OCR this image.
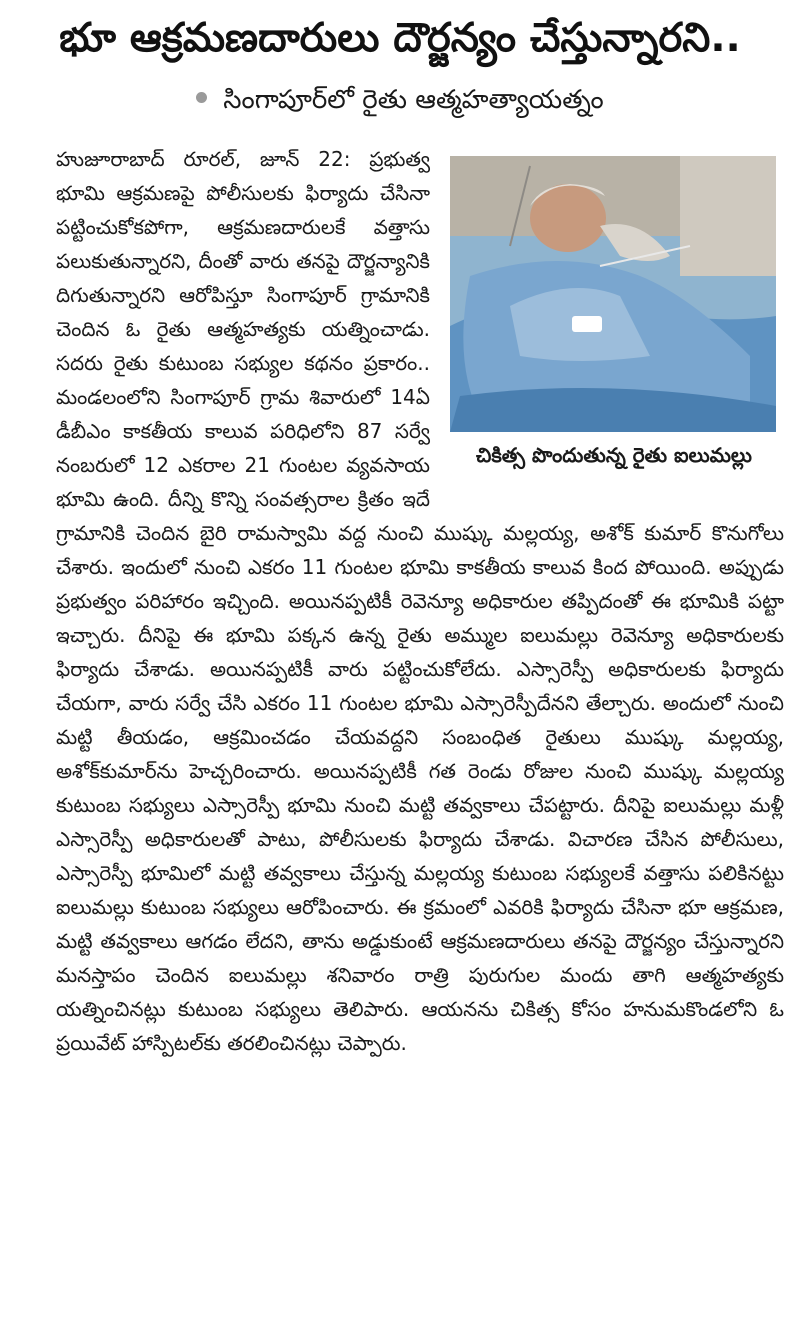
భూ ఆక్రమణదారులు దౌర్జన్యం చేస్తున్నారని..
సింగాపూర్‌లో రైతు ఆత్మహత్యాయత్నం
చికిత్స పొందుతున్న రైతు ఐలుమల్లు
హుజూరాబాద్ రూరల్, జూన్ 22: ప్రభుత్వ భూమి ఆక్రమణపై పోలీసులకు ఫిర్యాదు చేసినా పట్టించుకోకపోగా, ఆక్రమణదారులకే వత్తాసు పలుకుతున్నారని, దీంతో వారు తనపై దౌర్జన్యానికి దిగుతున్నారని ఆరోపిస్తూ సింగాపూర్ గ్రామానికి చెందిన ఓ రైతు ఆత్మహత్యకు యత్నించాడు. సదరు రైతు కుటుంబ సభ్యుల కథనం ప్రకారం.. మండలంలోని సింగాపూర్ గ్రామ శివారులో 14ఏ డీబీఎం కాకతీయ కాలువ పరిధిలోని 87 సర్వే నంబరులో 12 ఎకరాల 21 గుంటల వ్యవసాయ భూమి ఉంది. దీన్ని కొన్ని సంవత్సరాల క్రితం ఇదే గ్రామానికి చెందిన బైరి రామస్వామి వద్ద నుంచి ముష్కు మల్లయ్య, అశోక్ కుమార్ కొనుగోలు చేశారు. ఇందులో నుంచి ఎకరం 11 గుంటల భూమి కాకతీయ కాలువ కింద పోయింది. అప్పుడు ప్రభుత్వం పరిహారం ఇచ్చింది. అయినప్పటికీ రెవెన్యూ అధికారుల తప్పిదంతో ఈ భూమికి పట్టా ఇచ్చారు. దీనిపై ఈ భూమి పక్కన ఉన్న రైతు అమ్ముల ఐలుమల్లు రెవెన్యూ అధికారులకు ఫిర్యాదు చేశాడు. అయినప్పటికీ వారు పట్టించుకోలేదు. ఎస్సారెస్పీ అధికారులకు ఫిర్యాదు చేయగా, వారు సర్వే చేసి ఎకరం 11 గుంటల భూమి ఎస్సారెస్పీదేనని తేల్చారు. అందులో నుంచి మట్టి తీయడం, ఆక్రమించడం చేయవద్దని సంబంధిత రైతులు ముష్కు మల్లయ్య, అశోక్‌కుమార్‌ను హెచ్చరించారు. అయినప్పటికీ గత రెండు రోజుల నుంచి ముష్కు మల్లయ్య కుటుంబ సభ్యులు ఎస్సారెస్పీ భూమి నుంచి మట్టి తవ్వకాలు చేపట్టారు. దీనిపై ఐలుమల్లు మళ్లీ ఎస్సారెస్పీ అధికారులతో పాటు, పోలీసులకు ఫిర్యాదు చేశాడు. విచారణ చేసిన పోలీసులు, ఎస్సారెస్పీ భూమిలో మట్టి తవ్వకాలు చేస్తున్న మల్లయ్య కుటుంబ సభ్యులకే వత్తాసు పలికినట్టు ఐలుమల్లు కుటుంబ సభ్యులు ఆరోపించారు. ఈ క్రమంలో ఎవరికి ఫిర్యాదు చేసినా భూ ఆక్రమణ, మట్టి తవ్వకాలు ఆగడం లేదని, తాను అడ్డుకుంటే ఆక్రమణదారులు తనపై దౌర్జన్యం చేస్తున్నారని మనస్తాపం చెందిన ఐలుమల్లు శనివారం రాత్రి పురుగుల మందు తాగి ఆత్మహత్యకు యత్నించినట్లు కుటుంబ సభ్యులు తెలిపారు. ఆయనను చికిత్స కోసం హనుమకొండలోని ఓ ప్రయివేట్ హాస్పిటల్‌కు తరలించినట్లు చెప్పారు.
